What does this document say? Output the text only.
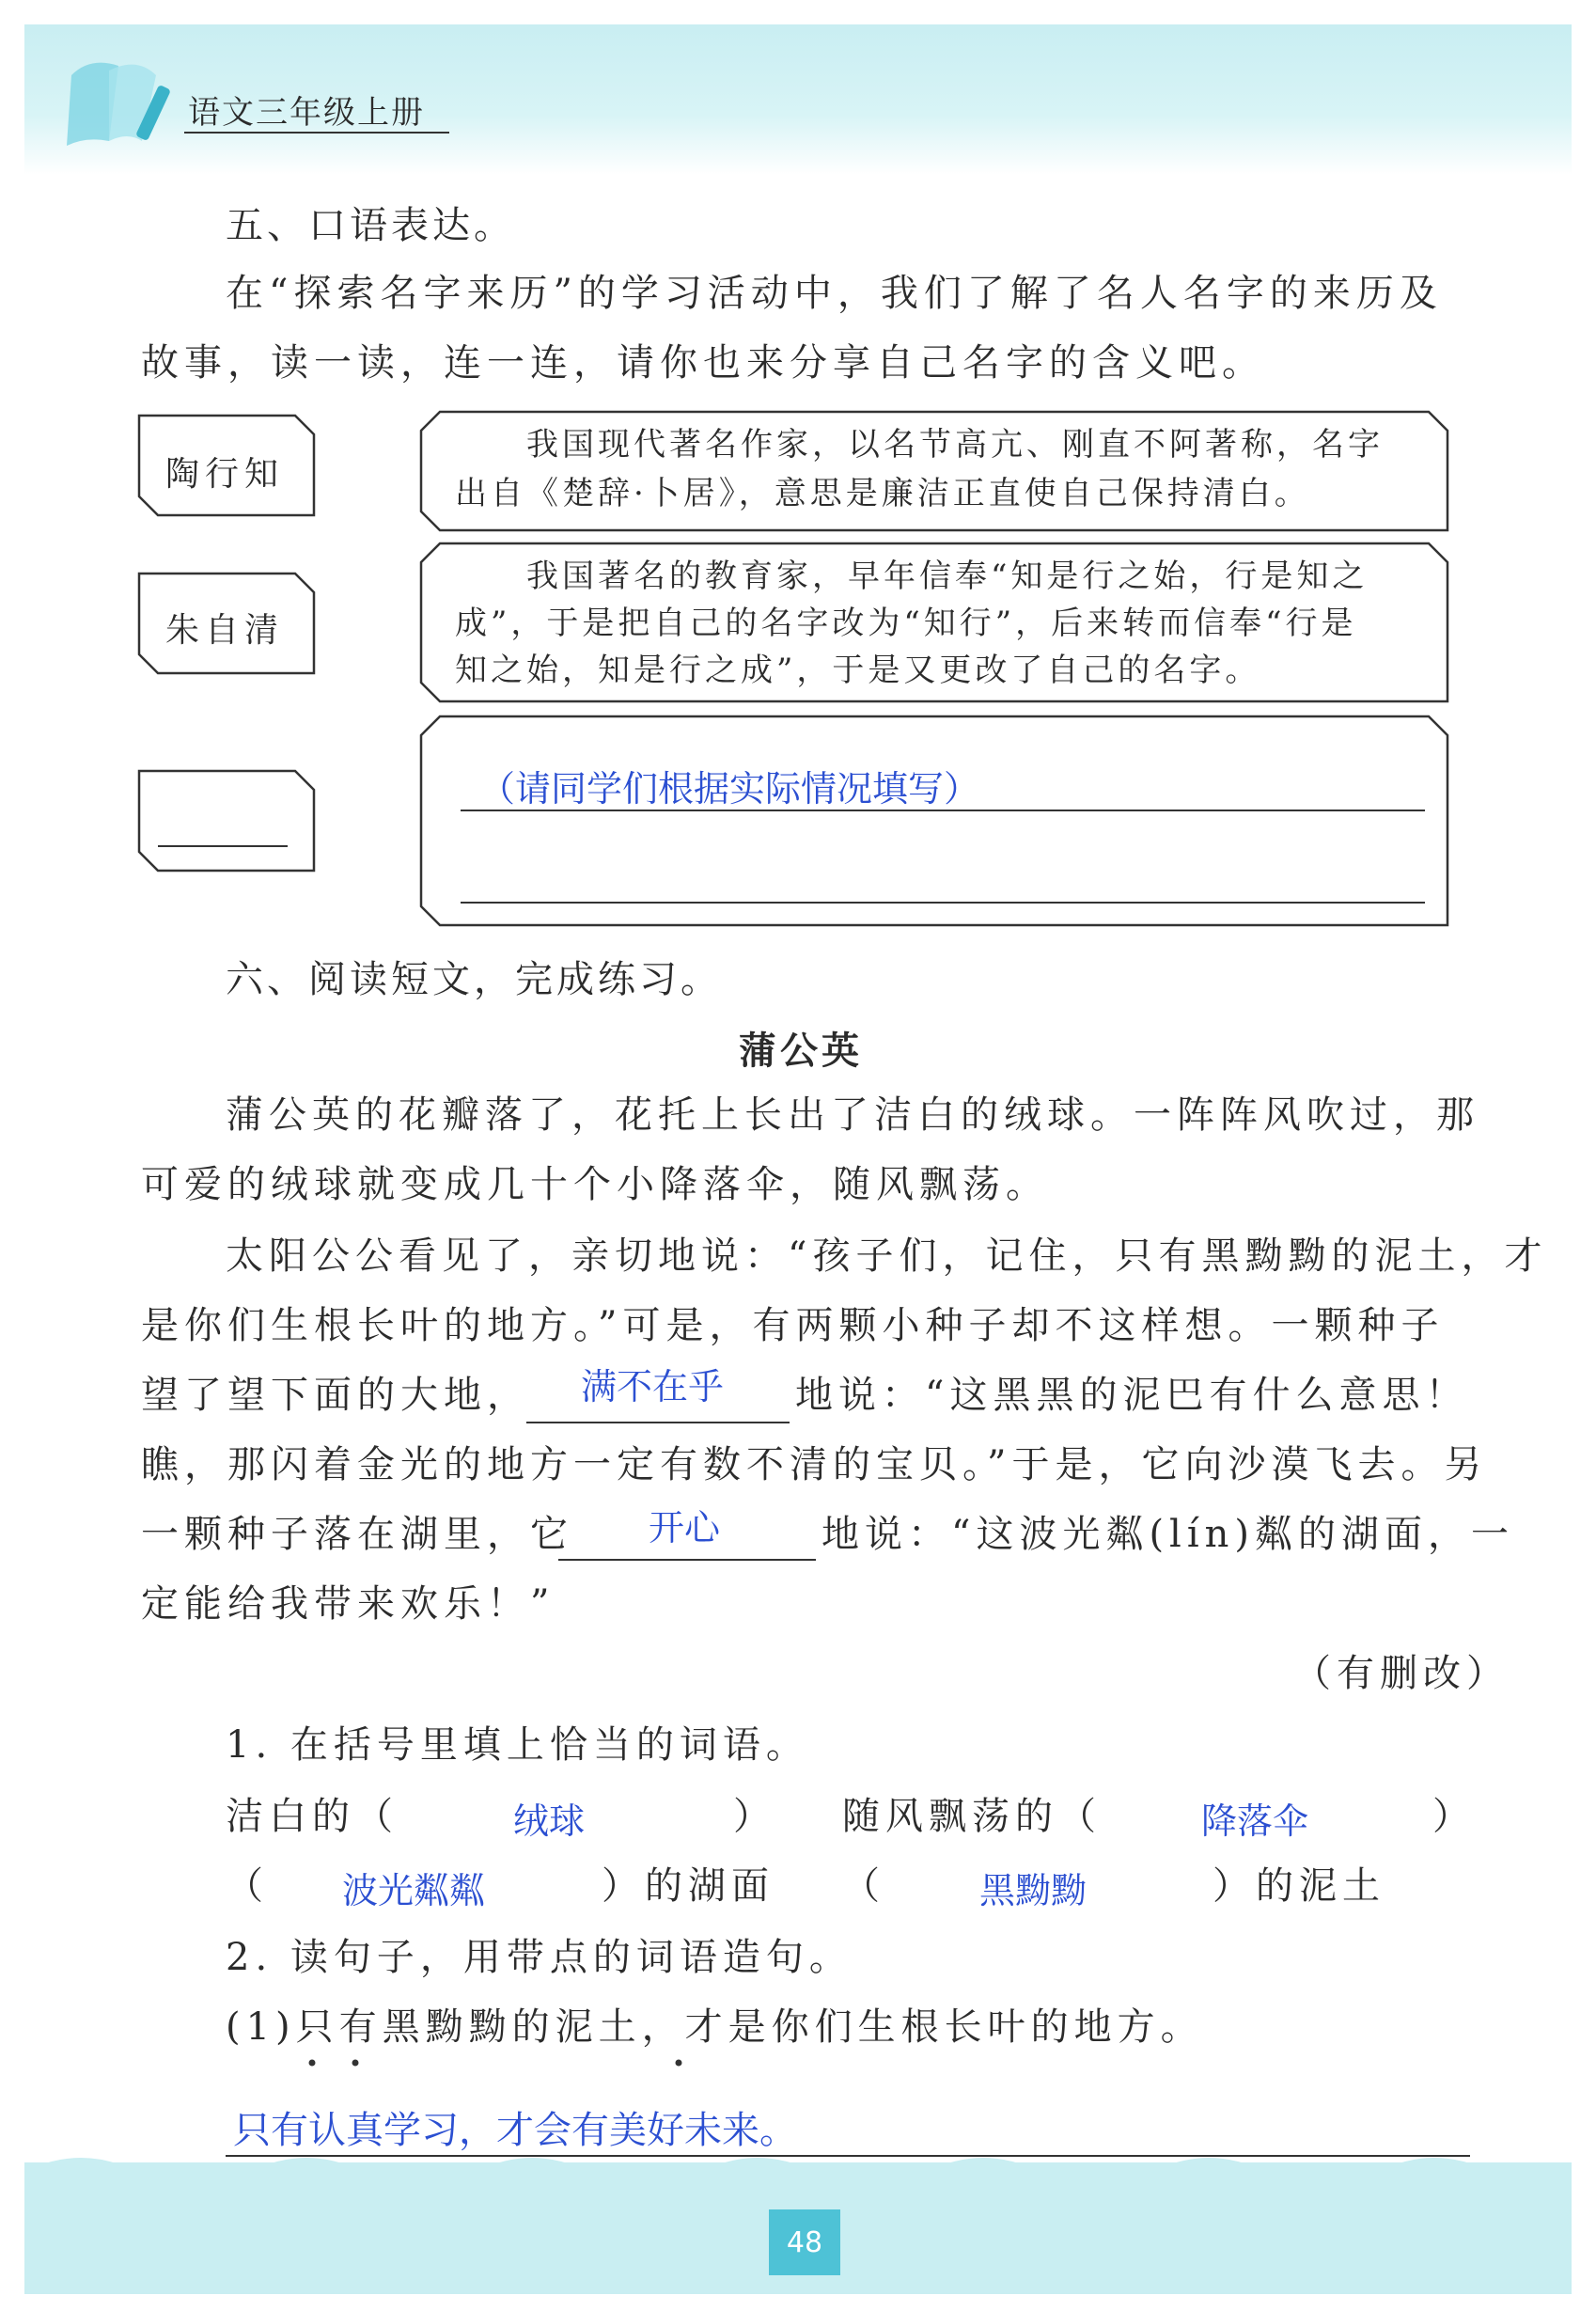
语文三年级上册
五、口语表达。
在“探索名字来历”的学习活动中，我们了解了名人名字的来历及
故事，读一读，连一连，请你也来分享自己名字的含义吧。
陶行知
朱自清
我国现代著名作家，以名节高亢、刚直不阿著称，名字
出自《楚辞·卜居》，意思是廉洁正直使自己保持清白。
我国著名的教育家，早年信奉“知是行之始，行是知之
成”，于是把自己的名字改为“知行”，后来转而信奉“行是
知之始，知是行之成”，于是又更改了自己的名字。
（请同学们根据实际情况填写）
六、阅读短文，完成练习。
蒲公英
蒲公英的花瓣落了，花托上长出了洁白的绒球。一阵阵风吹过，那
可爱的绒球就变成几十个小降落伞，随风飘荡。
太阳公公看见了，亲切地说：“孩子们，记住，只有黑黝黝的泥土，才
是你们生根长叶的地方。”可是，有两颗小种子却不这样想。一颗种子
望了望下面的大地， 满不在乎 地说：“这黑黑的泥巴有什么意思！
瞧，那闪着金光的地方一定有数不清的宝贝。”于是，它向沙漠飞去。另
一颗种子落在湖里，它 开心	地说：“这波光粼(lín)粼的湖面，一
定能给我带来欢乐！”
（有删改）
1. 在括号里填上恰当的词语。
洁白的（	绒球	） 随风飘荡的（	降落伞	）
（ 波光粼粼	）的湖面 （	黑黝黝	）的泥土
2. 读句子，用带点的词语造句。
(1)只有黑黝黝的泥土，才是你们生根长叶的地方。
只有认真学习，才会有美好未来。
48
